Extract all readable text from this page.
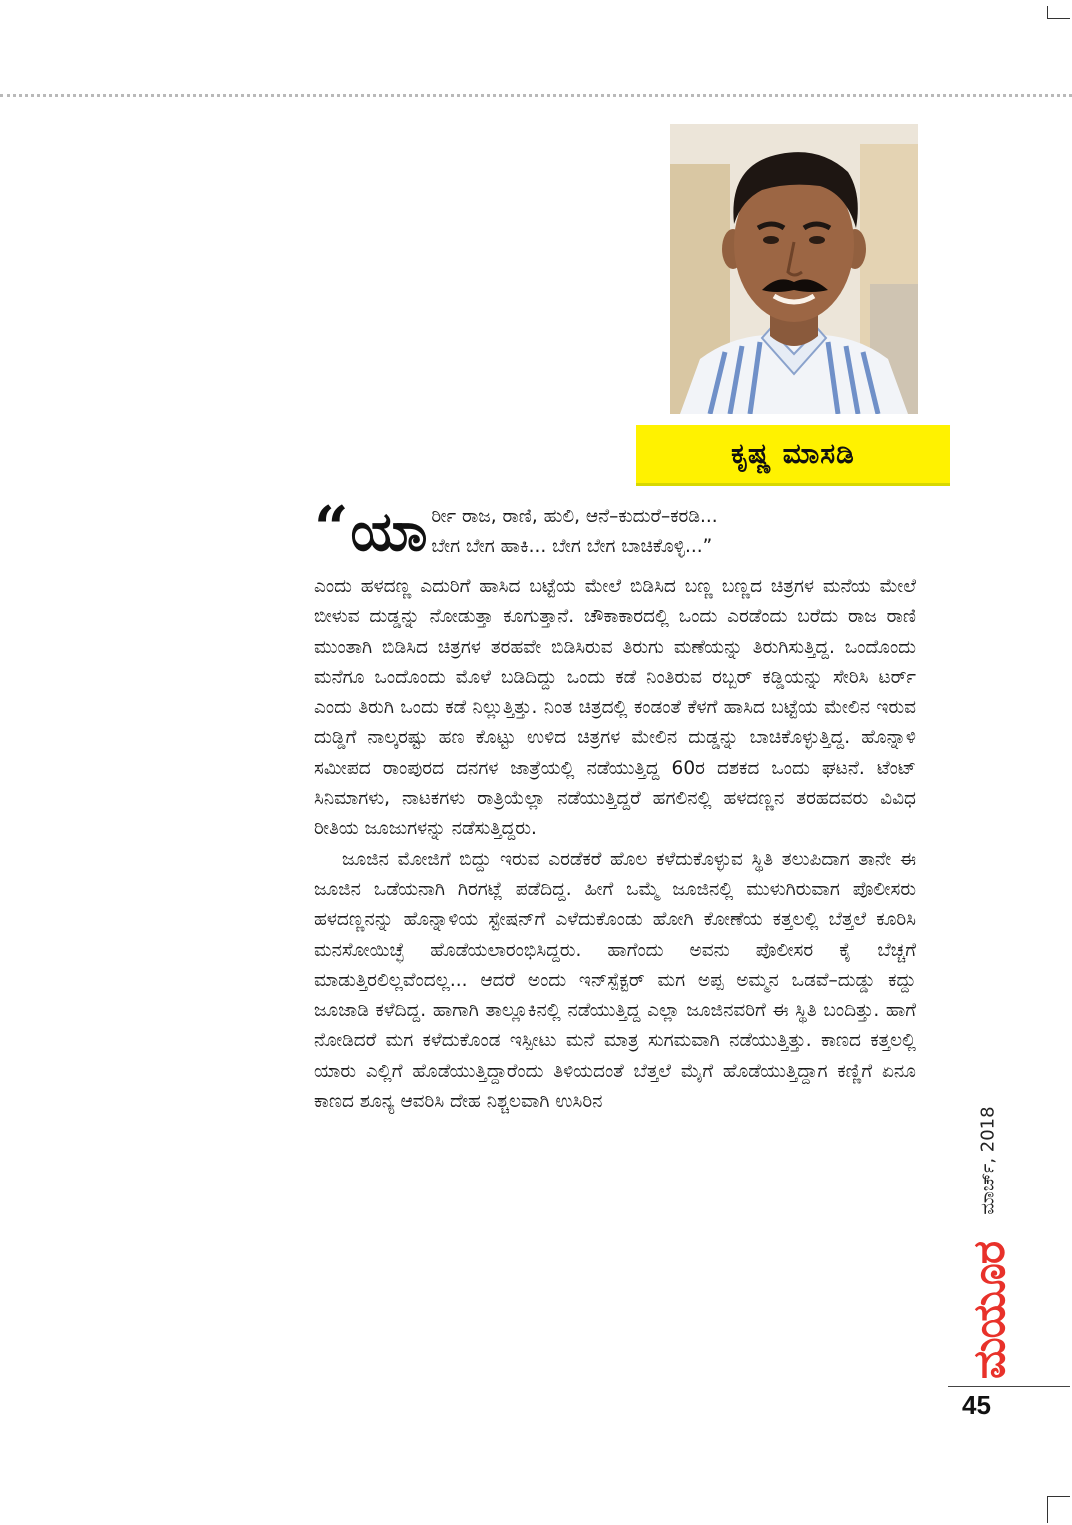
ಕೃಷ್ಣ ಮಾಸಡಿ
“ ಯಾ ರ್ರೀ ರಾಜ, ರಾಣಿ, ಹುಲಿ, ಆನೆ–ಕುದುರೆ–ಕರಡಿ...
ಬೇಗ ಬೇಗ ಹಾಕಿ... ಬೇಗ ಬೇಗ ಬಾಚಿಕೊಳ್ಳಿ...”

ಎಂದು ಹಳದಣ್ಣ ಎದುರಿಗೆ ಹಾಸಿದ ಬಟ್ಟೆಯ ಮೇಲೆ ಬಿಡಿಸಿದ ಬಣ್ಣ ಬಣ್ಣದ ಚಿತ್ರಗಳ ಮನೆಯ ಮೇಲೆ ಬೀಳುವ ದುಡ್ಡನ್ನು ನೋಡುತ್ತಾ ಕೂಗುತ್ತಾನೆ. ಚೌಕಾಕಾರದಲ್ಲಿ ಒಂದು ಎರಡೆಂದು ಬರೆದು ರಾಜ ರಾಣಿ ಮುಂತಾಗಿ ಬಿಡಿಸಿದ ಚಿತ್ರಗಳ ತರಹವೇ ಬಿಡಿಸಿರುವ ತಿರುಗು ಮಣೆಯನ್ನು ತಿರುಗಿಸುತ್ತಿದ್ದ. ಒಂದೊಂದು ಮನೆಗೂ ಒಂದೊಂದು ಮೊಳೆ ಬಡಿದಿದ್ದು ಒಂದು ಕಡೆ ನಿಂತಿರುವ ರಬ್ಬರ್ ಕಡ್ಡಿಯನ್ನು ಸೇರಿಸಿ ಟರ್ರ್ ಎಂದು ತಿರುಗಿ ಒಂದು ಕಡೆ ನಿಲ್ಲುತ್ತಿತ್ತು. ನಿಂತ ಚಿತ್ರದಲ್ಲಿ ಕಂಡಂತೆ ಕೆಳಗೆ ಹಾಸಿದ ಬಟ್ಟೆಯ ಮೇಲಿನ ಇರುವ ದುಡ್ಡಿಗೆ ನಾಲ್ಕರಷ್ಟು ಹಣ ಕೊಟ್ಟು ಉಳಿದ ಚಿತ್ರಗಳ ಮೇಲಿನ ದುಡ್ಡನ್ನು ಬಾಚಿಕೊಳ್ಳುತ್ತಿದ್ದ. ಹೊನ್ನಾಳಿ ಸಮೀಪದ ರಾಂಪುರದ ದನಗಳ ಜಾತ್ರೆಯಲ್ಲಿ ನಡೆಯುತ್ತಿದ್ದ 60ರ ದಶಕದ ಒಂದು ಘಟನೆ. ಟೆಂಟ್ ಸಿನಿಮಾಗಳು, ನಾಟಕಗಳು ರಾತ್ರಿಯೆಲ್ಲಾ ನಡೆಯುತ್ತಿದ್ದರೆ ಹಗಲಿನಲ್ಲಿ ಹಳದಣ್ಣನ ತರಹದವರು ವಿವಿಧ ರೀತಿಯ ಜೂಜುಗಳನ್ನು ನಡೆಸುತ್ತಿದ್ದರು.

ಜೂಜಿನ ಮೋಜಿಗೆ ಬಿದ್ದು ಇರುವ ಎರಡೆಕರೆ ಹೊಲ ಕಳೆದುಕೊಳ್ಳುವ ಸ್ಥಿತಿ ತಲುಪಿದಾಗ ತಾನೇ ಈ ಜೂಜಿನ ಒಡೆಯನಾಗಿ ಗಿರಗಟ್ಲೆ ಪಡೆದಿದ್ದ. ಹೀಗೆ ಒಮ್ಮೆ ಜೂಜಿನಲ್ಲಿ ಮುಳುಗಿರುವಾಗ ಪೊಲೀಸರು ಹಳದಣ್ಣನನ್ನು ಹೊನ್ನಾಳಿಯ ಸ್ಟೇಷನ್‌ಗೆ ಎಳೆದುಕೊಂಡು ಹೋಗಿ ಕೋಣೆಯ ಕತ್ತಲಲ್ಲಿ ಬೆತ್ತಲೆ ಕೂರಿಸಿ ಮನಸೋಯಿಚ್ಛೆ ಹೊಡೆಯಲಾರಂಭಿಸಿದ್ದರು. ಹಾಗೆಂದು ಅವನು ಪೊಲೀಸರ ಕೈ ಬೆಚ್ಚಗೆ ಮಾಡುತ್ತಿರಲಿಲ್ಲವೆಂದಲ್ಲ... ಆದರೆ ಅಂದು ಇನ್‌ಸ್ಪೆಕ್ಟರ್ ಮಗ ಅಪ್ಪ ಅಮ್ಮನ ಒಡವೆ–ದುಡ್ಡು ಕದ್ದು ಜೂಜಾಡಿ ಕಳೆದಿದ್ದ. ಹಾಗಾಗಿ ತಾಲ್ಲೂಕಿನಲ್ಲಿ ನಡೆಯುತ್ತಿದ್ದ ಎಲ್ಲಾ ಜೂಜಿನವರಿಗೆ ಈ ಸ್ಥಿತಿ ಬಂದಿತ್ತು. ಹಾಗೆ ನೋಡಿದರೆ ಮಗ ಕಳೆದುಕೊಂಡ ಇಸ್ಪೀಟು ಮನೆ ಮಾತ್ರ ಸುಗಮವಾಗಿ ನಡೆಯುತ್ತಿತ್ತು. ಕಾಣದ ಕತ್ತಲಲ್ಲಿ ಯಾರು ಎಲ್ಲಿಗೆ ಹೊಡೆಯುತ್ತಿದ್ದಾರೆಂದು ತಿಳಿಯದಂತೆ ಬೆತ್ತಲೆ ಮೈಗೆ ಹೊಡೆಯುತ್ತಿದ್ದಾಗ ಕಣ್ಣಿಗೆ ಏನೂ ಕಾಣದ ಶೂನ್ಯ ಆವರಿಸಿ ದೇಹ ನಿಶ್ಚಲವಾಗಿ ಉಸಿರಿನ

ಮಾರ್ಚ್, 2018
ಮಯೂರ
45
